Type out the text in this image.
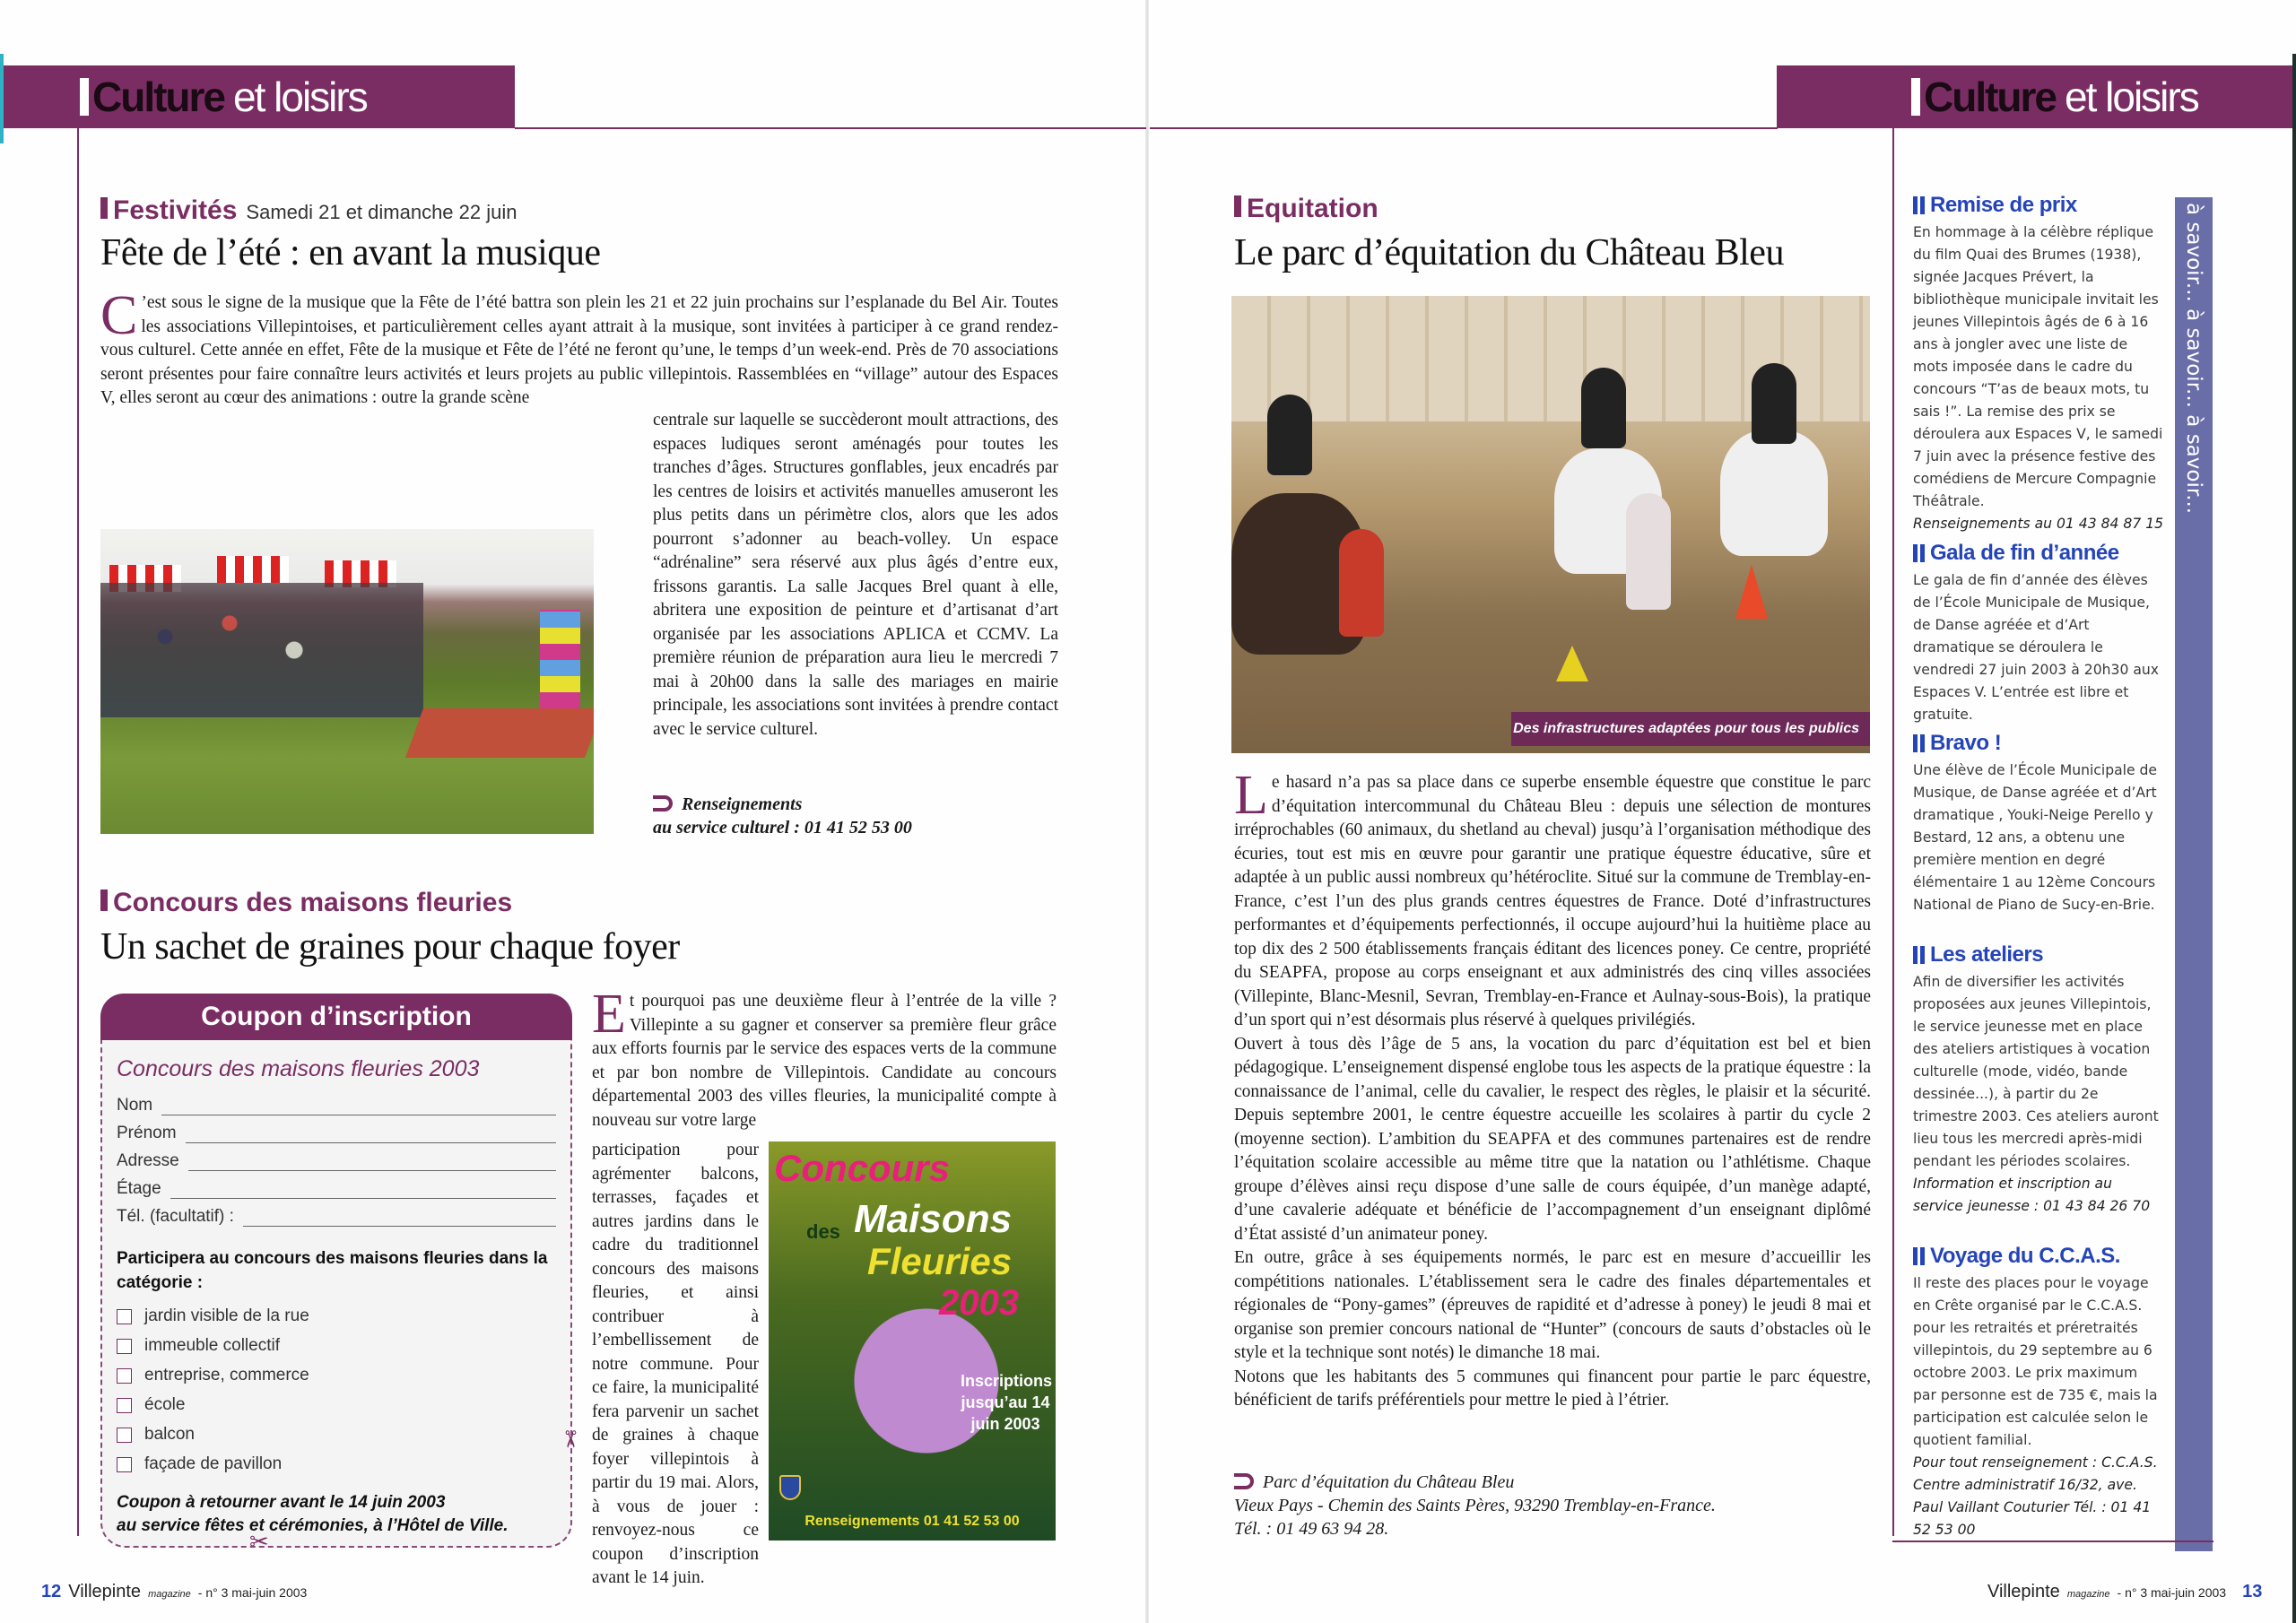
Culture et loisirs
Festivités Samedi 21 et dimanche 22 juin
Fête de l’été : en avant la musique
C ’est sous le signe de la musique que la Fête de l’été battra son plein les 21 et 22 juin prochains sur l’esplanade du Bel Air. Toutes les associations Villepintoises, et particulièrement celles ayant attrait à la musique, sont invitées à participer à ce grand rendez-vous culturel. Cette année en effet, Fête de la musique et Fête de l’été ne feront qu’une, le temps d’un week-end. Près de 70 associations seront présentes pour faire connaître leurs activités et leurs projets au public villepintois. Rassemblées en “village” autour des Espaces V, elles seront au cœur des animations : outre la grande scène
centrale sur laquelle se succèderont moult attractions, des espaces ludiques seront aménagés pour toutes les tranches d’âges. Structures gonflables, jeux encadrés par les centres de loisirs et activités manuelles amuseront les plus petits dans un périmètre clos, alors que les ados pourront s’adonner au beach-volley. Un espace “adrénaline” sera réservé aux plus âgés d’entre eux, frissons garantis. La salle Jacques Brel quant à elle, abritera une exposition de peinture et d’artisanat d’art organisée par les associations APLICA et CCMV. La première réunion de préparation aura lieu le mercredi 7 mai à 20h00 dans la salle des mariages en mairie principale, les associations sont invitées à prendre contact avec le service culturel.
Renseignements
au service culturel : 01 41 52 53 00
Concours des maisons fleuries
Un sachet de graines pour chaque foyer
Coupon d’inscription
Concours des maisons fleuries 2003
Nom
Prénom
Adresse
Étage
Tél. (facultatif) :
Participera au concours des maisons fleuries dans la catégorie :
jardin visible de la rue
immeuble collectif
entreprise, commerce
école
balcon
façade de pavillon
Coupon à retourner avant le 14 juin 2003
au service fêtes et cérémonies, à l’Hôtel de Ville.
✂
✂
Et pourquoi pas une deuxième fleur à l’entrée de la ville ? Villepinte a su gagner et conserver sa première fleur grâce aux efforts fournis par le service des espaces verts de la commune et par bon nombre de Villepintois. Candidate au concours départemental 2003 des villes fleuries, la municipalité compte à nouveau sur votre large
participation pour agrémenter balcons, terrasses, façades et autres jardins dans le cadre du traditionnel concours des maisons fleuries, et ainsi contribuer à l’embellissement de notre commune. Pour ce faire, la municipalité fera parvenir un sachet de graines à chaque foyer villepintois à partir du 19 mai. Alors, à vous de jouer : renvoyez-nous ce coupon d’inscription avant le 14 juin.
Concours
des Maisons
Fleuries
2003
Inscriptions jusqu’au 14 juin 2003
Renseignements 01 41 52 53 00
12 Villepinte magazine - n° 3 mai-juin 2003
Culture et loisirs
Equitation
Le parc d’équitation du Château Bleu
Des infrastructures adaptées pour tous les publics

Le hasard n’a pas sa place dans ce superbe ensemble équestre que constitue le parc d’équitation intercommunal du Château Bleu : depuis une sélection de montures irréprochables (60 animaux, du shetland au cheval) jusqu’à l’organisation méthodique des écuries, tout est mis en œuvre pour garantir une pratique équestre éducative, sûre et adaptée à un public aussi nombreux qu’hétéroclite. Situé sur la commune de Tremblay-en-France, c’est l’un des plus grands centres équestres de France. Doté d’infrastructures performantes et d’équipements perfectionnés, il occupe aujourd’hui la huitième place au top dix des 2 500 établissements français éditant des licences poney. Ce centre, propriété du SEAPFA, propose au corps enseignant et aux administrés des cinq villes associées (Villepinte, Blanc-Mesnil, Sevran, Tremblay-en-France et Aulnay-sous-Bois), la pratique d’un sport qui n’est désormais plus réservé à quelques privilégiés.

Ouvert à tous dès l’âge de 5 ans, la vocation du parc d’équitation est bel et bien pédagogique. L’enseignement dispensé englobe tous les aspects de la pratique équestre : la connaissance de l’animal, celle du cavalier, le respect des règles, le plaisir et la sécurité. Depuis septembre 2001, le centre équestre accueille les scolaires à partir du cycle 2 (moyenne section). L’ambition du SEAPFA et des communes partenaires est de rendre l’équitation scolaire accessible au même titre que la natation ou l’athlétisme. Chaque groupe d’élèves ainsi reçu dispose d’une salle de cours équipée, d’un manège adapté, d’une cavalerie adéquate et bénéficie de l’accompagnement d’un enseignant diplômé d’État assisté d’un animateur poney.

En outre, grâce à ses équipements normés, le parc est en mesure d’accueillir les compétitions nationales. L’établissement sera le cadre des finales départementales et régionales de “Pony-games” (épreuves de rapidité et d’adresse à poney) le jeudi 8 mai et organise son premier concours national de “Hunter” (concours de sauts d’obstacles où le style et la technique sont notés) le dimanche 18 mai.

Notons que les habitants des 5 communes qui financent pour partie le parc équestre, bénéficient de tarifs préférentiels pour mettre le pied à l’étrier.

Parc d’équitation du Château Bleu
Vieux Pays - Chemin des Saints Pères, 93290 Tremblay-en-France.
Tél. : 01 49 63 94 28.
à savoir... à savoir... à savoir...
Remise de prix
En hommage à la célèbre réplique du film Quai des Brumes (1938), signée Jacques Prévert, la bibliothèque municipale invitait les jeunes Villepintois âgés de 6 à 16 ans à jongler avec une liste de mots imposée dans le cadre du concours “T’as de beaux mots, tu sais !”. La remise des prix se déroulera aux Espaces V, le samedi 7 juin avec la présence festive des comédiens de Mercure Compagnie Théâtrale.
Renseignements au 01 43 84 87 15
Gala de fin d’année
Le gala de fin d’année des élèves de l’École Municipale de Musique, de Danse agréée et d’Art dramatique se déroulera le vendredi 27 juin 2003 à 20h30 aux Espaces V. L’entrée est libre et gratuite.
Bravo !
Une élève de l’École Municipale de Musique, de Danse agréée et d’Art dramatique , Youki-Neige Perello y Bestard, 12 ans, a obtenu une première mention en degré élémentaire 1 au 12ème Concours National de Piano de Sucy-en-Brie.
Les ateliers
Afin de diversifier les activités proposées aux jeunes Villepintois, le service jeunesse met en place des ateliers artistiques à vocation culturelle (mode, vidéo, bande dessinée...), à partir du 2e trimestre 2003. Ces ateliers auront lieu tous les mercredi après-midi pendant les périodes scolaires.
Information et inscription au service jeunesse : 01 43 84 26 70
Voyage du C.C.A.S.
Il reste des places pour le voyage en Crête organisé par le C.C.A.S. pour les retraités et préretraités villepintois, du 29 septembre au 6 octobre 2003. Le prix maximum par personne est de 735 €, mais la participation est calculée selon le quotient familial.
Pour tout renseignement : C.C.A.S. Centre administratif 16/32, ave. Paul Vaillant Couturier Tél. : 01 41 52 53 00
Villepinte magazine - n° 3 mai-juin 2003 13
